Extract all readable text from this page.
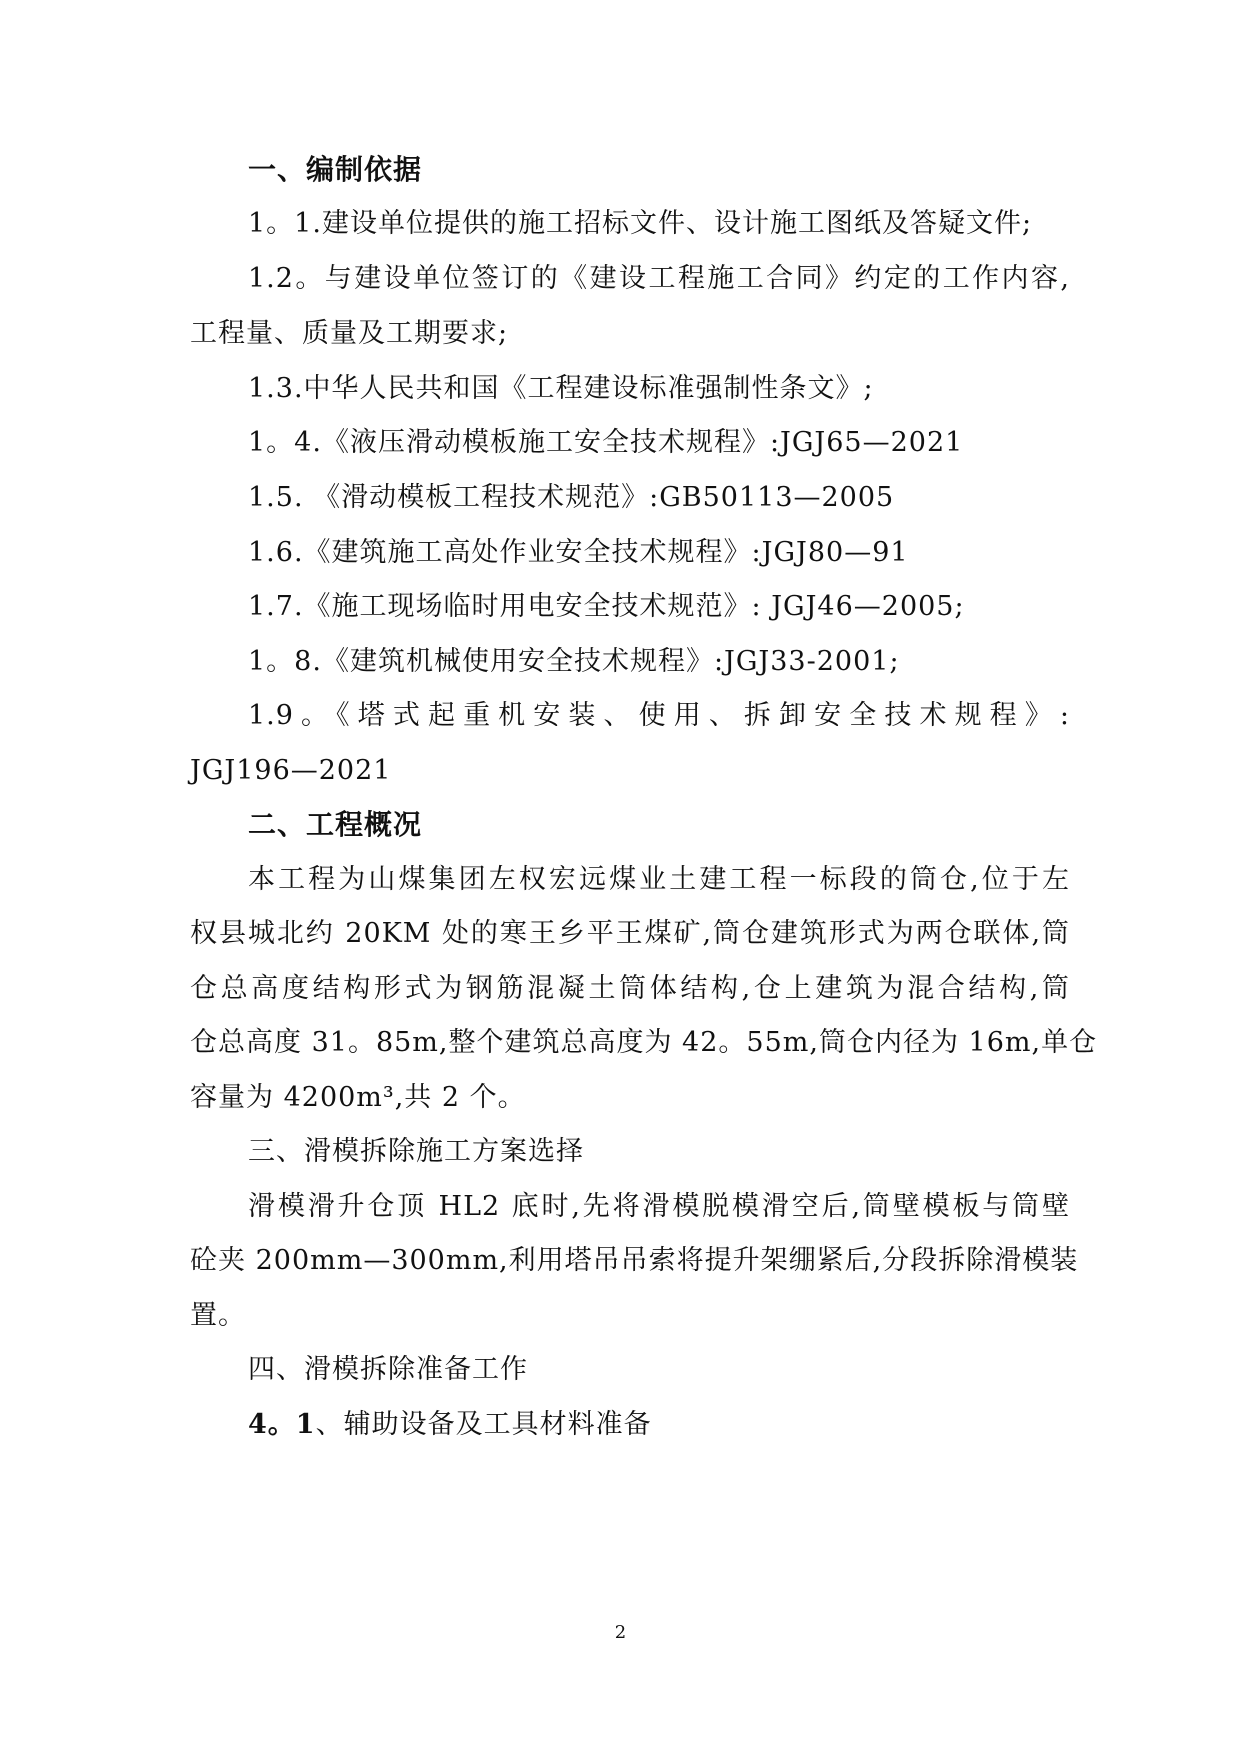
一、编制依据
1。1.建设单位提供的施工招标文件、设计施工图纸及答疑文件;
1.2。与建设单位签订的《建设工程施工合同》约定的工作内容,
工程量、质量及工期要求;
1.3.中华人民共和国《工程建设标准强制性条文》;
1。4.《液压滑动模板施工安全技术规程》:JGJ65—2021
1.5. 《滑动模板工程技术规范》:GB50113—2005
1.6.《建筑施工高处作业安全技术规程》:JGJ80—91
1.7.《施工现场临时用电安全技术规范》: JGJ46—2005;
1。8.《建筑机械使用安全技术规程》:JGJ33-2001;
1.9。《塔式起重机安装、使用、拆卸安全技术规程》:
JGJ196—2021
二、工程概况
本工程为山煤集团左权宏远煤业土建工程一标段的筒仓,位于左
权县城北约 20KM 处的寒王乡平王煤矿,筒仓建筑形式为两仓联体,筒
仓总高度结构形式为钢筋混凝土筒体结构,仓上建筑为混合结构,筒
仓总高度 31。85m,整个建筑总高度为 42。55m,筒仓内径为 16m,单仓
容量为 4200m³,共 2 个。
三、滑模拆除施工方案选择
滑模滑升仓顶 HL2 底时,先将滑模脱模滑空后,筒壁模板与筒壁
砼夹 200mm—300mm,利用塔吊吊索将提升架绷紧后,分段拆除滑模装
置。
四、滑模拆除准备工作
4。1、辅助设备及工具材料准备
2
